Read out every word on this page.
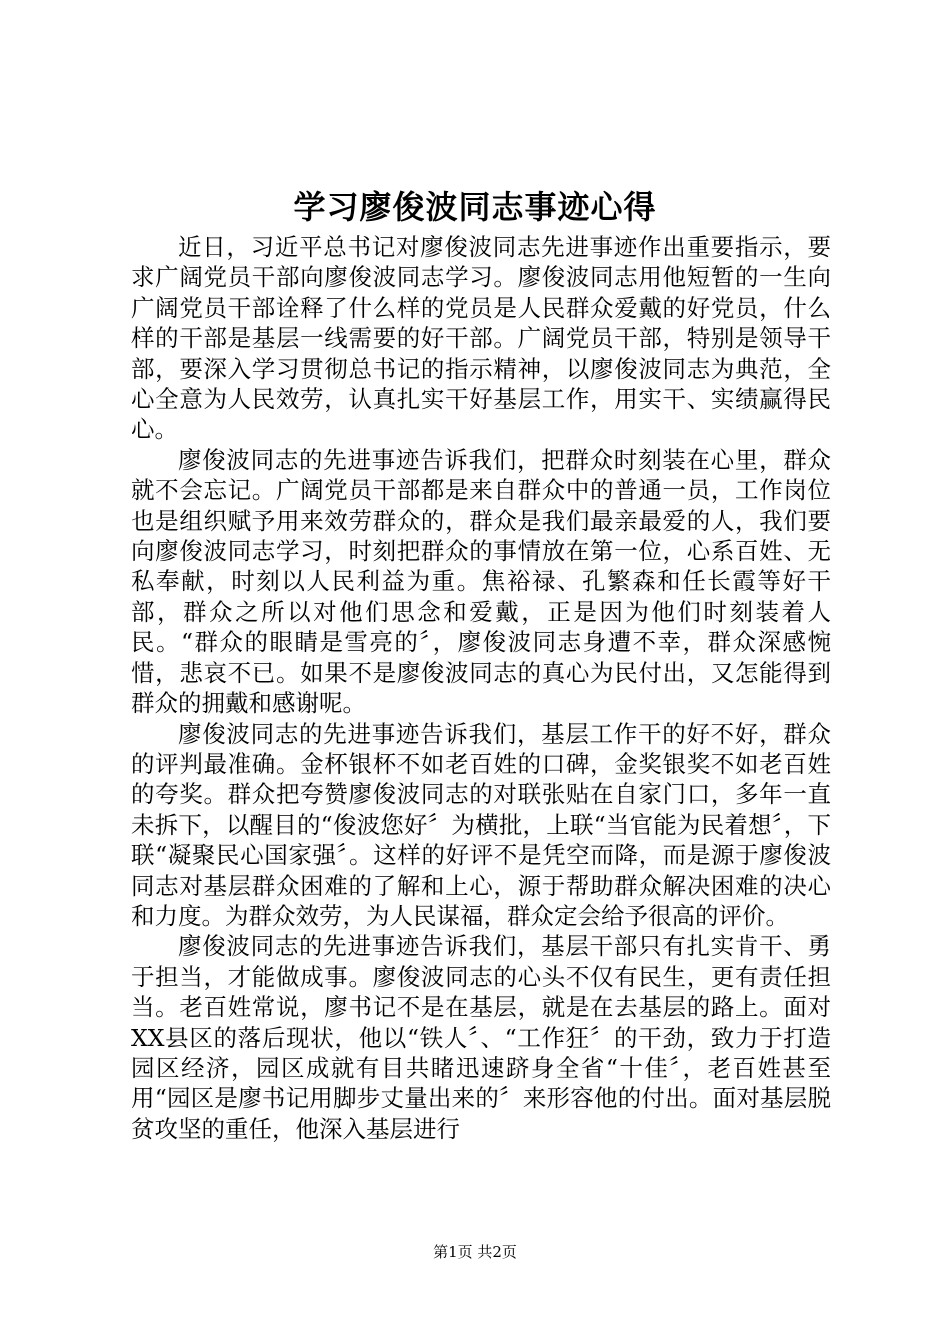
学习廖俊波同志事迹心得

近日，习近平总书记对廖俊波同志先进事迹作出重要指示，要求广阔党员干部向廖俊波同志学习。廖俊波同志用他短暂的一生向广阔党员干部诠释了什么样的党员是人民群众爱戴的好党员，什么样的干部是基层一线需要的好干部。广阔党员干部，特别是领导干部，要深入学习贯彻总书记的指示精神，以廖俊波同志为典范，全心全意为人民效劳，认真扎实干好基层工作，用实干、实绩赢得民心。

廖俊波同志的先进事迹告诉我们，把群众时刻装在心里，群众就不会忘记。广阔党员干部都是来自群众中的普通一员，工作岗位也是组织赋予用来效劳群众的，群众是我们最亲最爱的人，我们要向廖俊波同志学习，时刻把群众的事情放在第一位，心系百姓、无私奉献，时刻以人民利益为重。焦裕禄、孔繁森和任长霞等好干部，群众之所以对他们思念和爱戴，正是因为他们时刻装着人民。“群众的眼睛是雪亮的〞，廖俊波同志身遭不幸，群众深感惋惜，悲哀不已。如果不是廖俊波同志的真心为民付出，又怎能得到群众的拥戴和感谢呢。

廖俊波同志的先进事迹告诉我们，基层工作干的好不好，群众的评判最准确。金杯银杯不如老百姓的口碑，金奖银奖不如老百姓的夸奖。群众把夸赞廖俊波同志的对联张贴在自家门口，多年一直未拆下，以醒目的“俊波您好〞为横批，上联“当官能为民着想〞，下联“凝聚民心国家强〞。这样的好评不是凭空而降，而是源于廖俊波同志对基层群众困难的了解和上心，源于帮助群众解决困难的决心和力度。为群众效劳，为人民谋福，群众定会给予很高的评价。

廖俊波同志的先进事迹告诉我们，基层干部只有扎实肯干、勇于担当，才能做成事。廖俊波同志的心头不仅有民生，更有责任担当。老百姓常说，廖书记不是在基层，就是在去基层的路上。面对XX县区的落后现状，他以“铁人〞、“工作狂〞的干劲，致力于打造园区经济，园区成就有目共睹迅速跻身全省“十佳〞，老百姓甚至用“园区是廖书记用脚步丈量出来的〞来形容他的付出。面对基层脱贫攻坚的重任，他深入基层进行

第1页 共2页
